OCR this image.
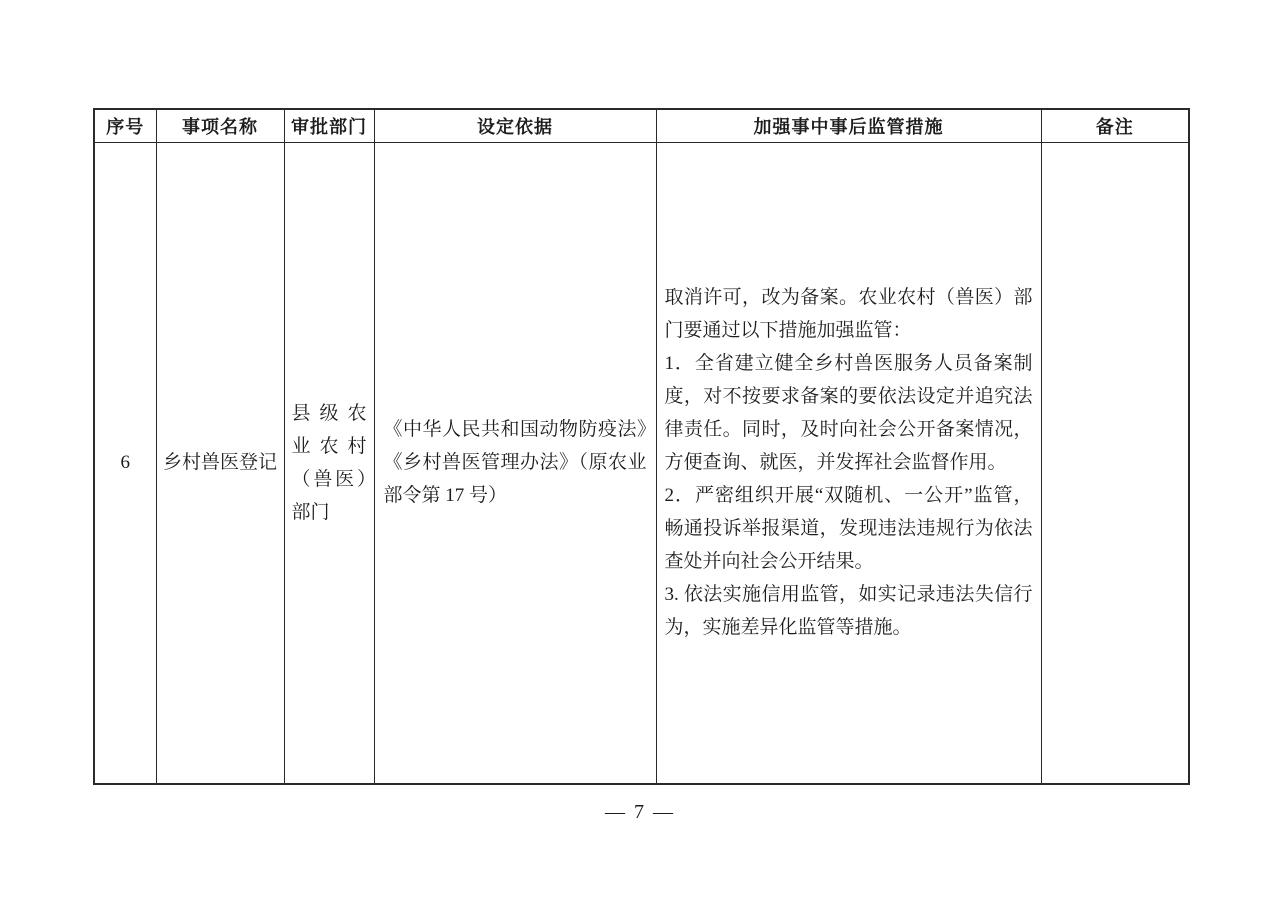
序号	事项名称	审批部门	设定依据	加强事中事后监管措施	备注
6	乡村兽医登记	县级农业农村（兽医）部门	《中华人民共和国动物防疫法》《乡村兽医管理办法》（原农业部令第 17 号）	取消许可，改为备案。农业农村（兽医）部门要通过以下措施加强监管：

1．全省建立健全乡村兽医服务人员备案制度，对不按要求备案的要依法设定并追究法律责任。同时，及时向社会公开备案情况，方便查询、就医，并发挥社会监督作用。

2．严密组织开展“双随机、一公开”监管，畅通投诉举报渠道，发现违法违规行为依法查处并向社会公开结果。

3. 依法实施信用监管，如实记录违法失信行为，实施差异化监管等措施。	

— 7 —
